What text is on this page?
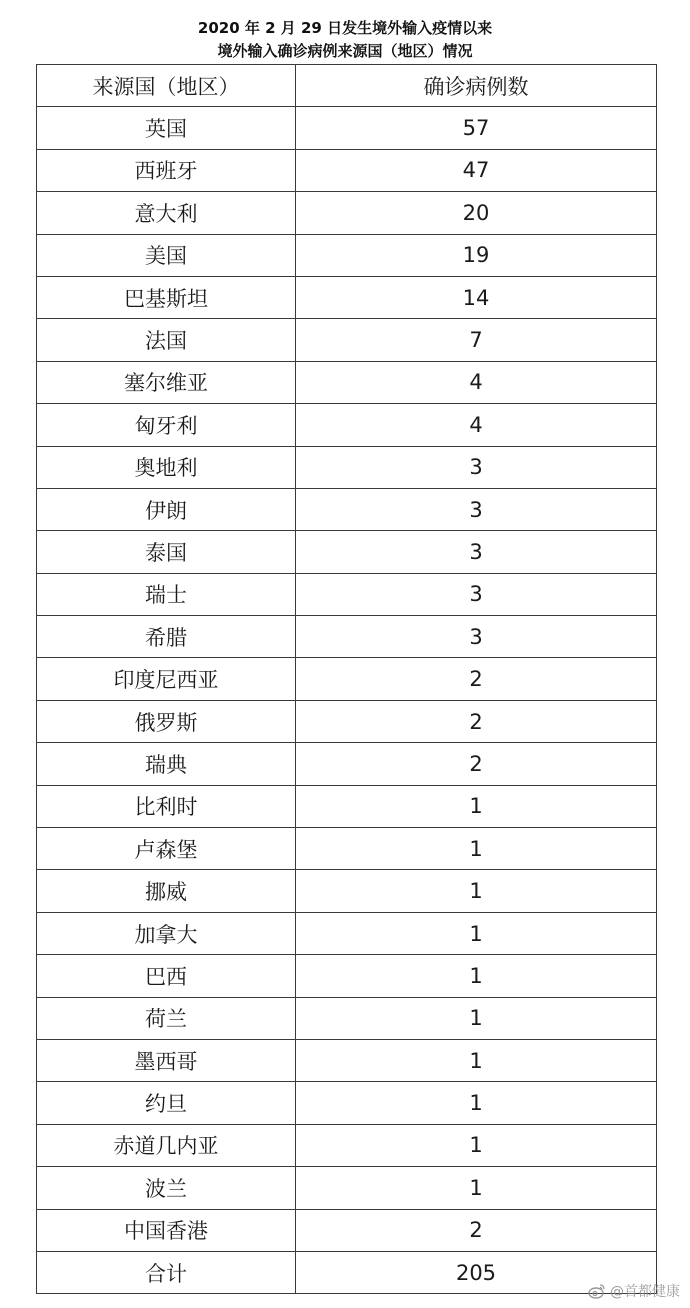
2020 年 2 月 29 日发生境外输入疫情以来
境外输入确诊病例来源国（地区）情况
来源国（地区）	确诊病例数
英国	57
西班牙	47
意大利	20
美国	19
巴基斯坦	14
法国	7
塞尔维亚	4
匈牙利	4
奥地利	3
伊朗	3
泰国	3
瑞士	3
希腊	3
印度尼西亚	2
俄罗斯	2
瑞典	2
比利时	1
卢森堡	1
挪威	1
加拿大	1
巴西	1
荷兰	1
墨西哥	1
约旦	1
赤道几内亚	1
波兰	1
中国香港	2
合计	205
@首都健康
